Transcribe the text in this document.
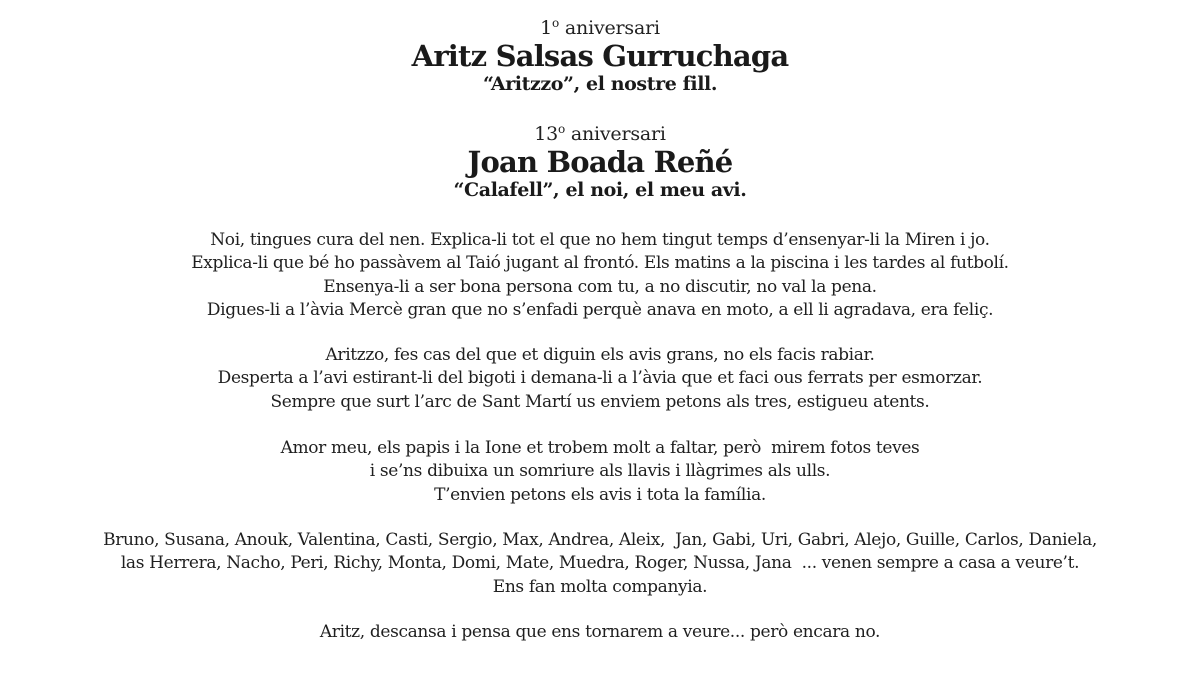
1$^o$ aniversari
Aritz Salsas Gurruchaga
“Aritzzo”, el nostre fill.
13$^o$ aniversari
Joan Boada Reñé
“Calafell”, el noi, el meu avi.
Noi, tingues cura del nen. Explica-li tot el que no hem tingut temps d’ensenyar-li la Miren i jo.
Explica-li que bé ho passàvem al Taió jugant al frontó. Els matins a la piscina i les tardes al futbolí.
Ensenya-li a ser bona persona com tu, a no discutir, no val la pena.
Digues-li a l’àvia Mercè gran que no s’enfadi perquè anava en moto, a ell li agradava, era feliç.
Aritzzo, fes cas del que et diguin els avis grans, no els facis rabiar.
Desperta a l’avi estirant-li del bigoti i demana-li a l’àvia que et faci ous ferrats per esmorzar.
Sempre que surt l’arc de Sant Martí us enviem petons als tres, estigueu atents.
Amor meu, els papis i la Ione et trobem molt a faltar, però  mirem fotos teves
i se’ns dibuixa un somriure als llavis i llàgrimes als ulls.
T’envien petons els avis i tota la família.
Bruno, Susana, Anouk, Valentina, Casti, Sergio, Max, Andrea, Aleix,  Jan, Gabi, Uri, Gabri, Alejo, Guille, Carlos, Daniela,
las Herrera, Nacho, Peri, Richy, Monta, Domi, Mate, Muedra, Roger, Nussa, Jana  ... venen sempre a casa a veure’t.
Ens fan molta companyia.
Aritz, descansa i pensa que ens tornarem a veure... però encara no.
